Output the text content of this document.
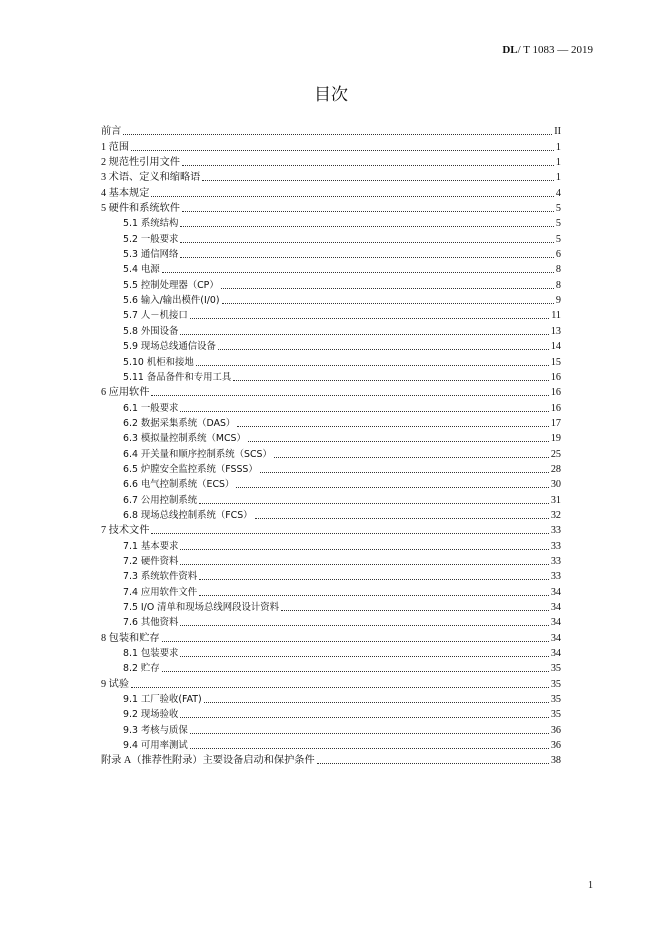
DL/ T 1083 — 2019
目次
前言	II
1 范围	1
2 规范性引用文件	1
3 术语、定义和缩略语	1
4 基本规定	4
5 硬件和系统软件	5
5.1 系统结构	5
5.2 一般要求	5
5.3 通信网络	6
5.4 电源	8
5.5 控制处理器（CP）	8
5.6 输入/输出模件(I/0)	9
5.7 人－机接口	11
5.8 外围设备	13
5.9 现场总线通信设备	14
5.10 机柜和接地	15
5.11 备品备件和专用工具	16
6 应用软件	16
6.1 一般要求	16
6.2 数据采集系统（DAS）	17
6.3 模拟量控制系统（MCS）	19
6.4 开关量和顺序控制系统（SCS）	25
6.5 炉膛安全监控系统（FSSS）	28
6.6 电气控制系统（ECS）	30
6.7 公用控制系统	31
6.8 现场总线控制系统（FCS）	32
7 技术文件	33
7.1 基本要求	33
7.2 硬件资料	33
7.3 系统软件资料	33
7.4 应用软件文件	34
7.5 I/O 清单和现场总线网段设计资料	34
7.6 其他资料	34
8 包装和贮存	34
8.1 包装要求	34
8.2 贮存	35
9 试验	35
9.1 工厂验收(FAT)	35
9.2 现场验收	35
9.3 考核与质保	36
9.4 可用率测试	36
附录 A（推荐性附录）主要设备启动和保护条件	38
1
